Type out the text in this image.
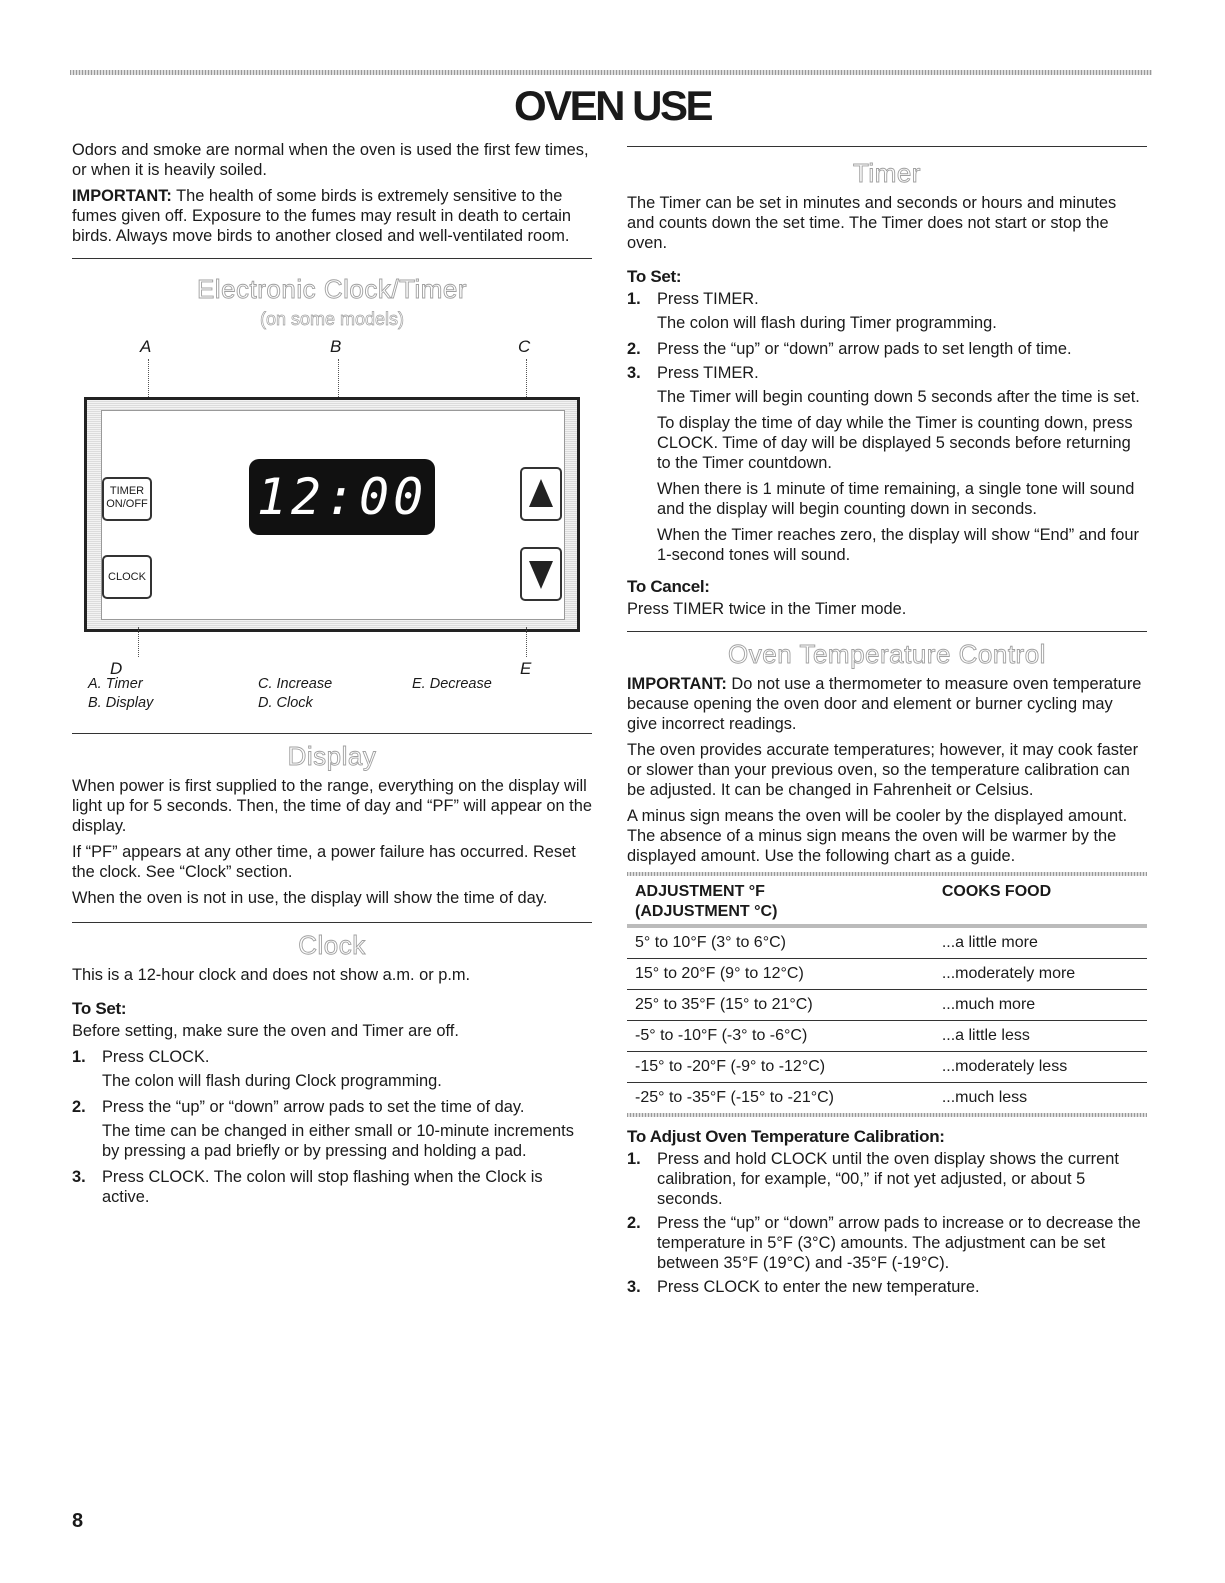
OVEN USE

Odors and smoke are normal when the oven is used the first few times, or when it is heavily soiled.

IMPORTANT: The health of some birds is extremely sensitive to the fumes given off. Exposure to the fumes may result in death to certain birds. Always move birds to another closed and well-ventilated room.

Electronic Clock/Timer
(on some models)
A	B	C
TIMER ON/OFF
CLOCK
12:00
D	E
A. Timer
B. Display
C. Increase
D. Clock
E. Decrease
Display

When power is first supplied to the range, everything on the display will light up for 5 seconds. Then, the time of day and “PF” will appear on the display.

If “PF” appears at any other time, a power failure has occurred. Reset the clock. See “Clock” section.

When the oven is not in use, the display will show the time of day.

Clock

This is a 12-hour clock and does not show a.m. or p.m.

To Set:

Before setting, make sure the oven and Timer are off.

1. Press CLOCK.
The colon will flash during Clock programming.
2. Press the “up” or “down” arrow pads to set the time of day.
The time can be changed in either small or 10-minute increments by pressing a pad briefly or by pressing and holding a pad.
3. Press CLOCK. The colon will stop flashing when the Clock is active.
Timer

The Timer can be set in minutes and seconds or hours and minutes and counts down the set time. The Timer does not start or stop the oven.

To Set:
1. Press TIMER.
The colon will flash during Timer programming.
2. Press the “up” or “down” arrow pads to set length of time.
3. Press TIMER.
The Timer will begin counting down 5 seconds after the time is set.
To display the time of day while the Timer is counting down, press CLOCK. Time of day will be displayed 5 seconds before returning to the Timer countdown.
When there is 1 minute of time remaining, a single tone will sound and the display will begin counting down in seconds.
When the Timer reaches zero, the display will show “End” and four 1-second tones will sound.
To Cancel:

Press TIMER twice in the Timer mode.

Oven Temperature Control

IMPORTANT: Do not use a thermometer to measure oven temperature because opening the oven door and element or burner cycling may give incorrect readings.

The oven provides accurate temperatures; however, it may cook faster or slower than your previous oven, so the temperature calibration can be adjusted. It can be changed in Fahrenheit or Celsius.

A minus sign means the oven will be cooler by the displayed amount. The absence of a minus sign means the oven will be warmer by the displayed amount. Use the following chart as a guide.

ADJUSTMENT °F
(ADJUSTMENT °C)	COOKS FOOD
5° to 10°F (3° to 6°C)	...a little more
15° to 20°F (9° to 12°C)	...moderately more
25° to 35°F (15° to 21°C)	...much more
-5° to -10°F (-3° to -6°C)	...a little less
-15° to -20°F (-9° to -12°C)	...moderately less
-25° to -35°F (-15° to -21°C)	...much less
To Adjust Oven Temperature Calibration:
1. Press and hold CLOCK until the oven display shows the current calibration, for example, “00,” if not yet adjusted, or about 5 seconds.
2. Press the “up” or “down” arrow pads to increase or to decrease the temperature in 5°F (3°C) amounts. The adjustment can be set between 35°F (19°C) and -35°F (-19°C).
3. Press CLOCK to enter the new temperature.
8
